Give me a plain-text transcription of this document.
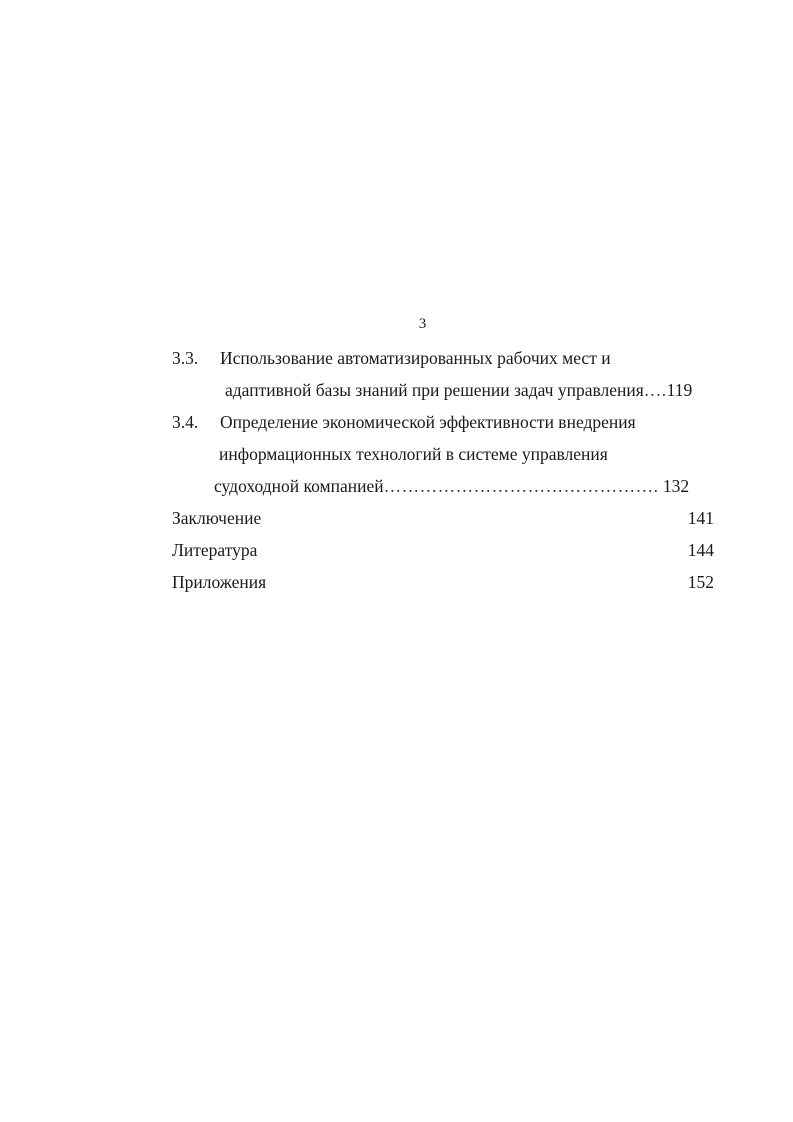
3
3.3. Использование автоматизированных рабочих мест и
адаптивной базы знаний при решении задач управления….119
3.4. Определение экономической эффективности внедрения
информационных технологий в системе управления
судоходной компанией………………………………………. 132
Заключение	141
Литература	144
Приложения	152
